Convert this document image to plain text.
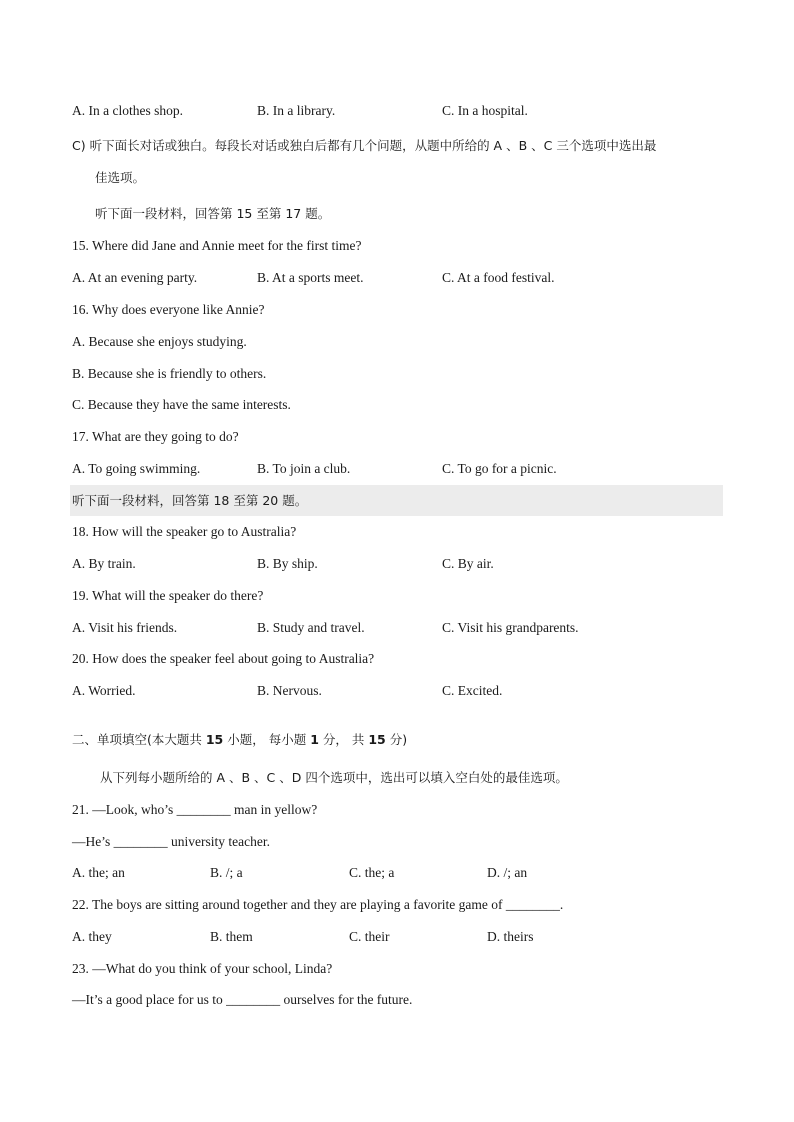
A. In a clothes shop.	B. In a library.	C. In a hospital.
C) 听下面长对话或独白。每段长对话或独白后都有几个问题，从题中所给的 A 、B 、C 三个选项中选出最
佳选项。
听下面一段材料，回答第 15 至第 17 题。
15. Where did Jane and Annie meet for the first time?
A. At an evening party.	B. At a sports meet.	C. At a food festival.
16. Why does everyone like Annie?
A. Because she enjoys studying.
B. Because she is friendly to others.
C. Because they have the same interests.
17. What are they going to do?
A. To going swimming.	B. To join a club.	C. To go for a picnic.
听下面一段材料，回答第 18 至第 20 题。
18. How will the speaker go to Australia?
A. By train.	B. By ship.	C. By air.
19. What will the speaker do there?
A. Visit his friends.	B. Study and travel.	C. Visit his grandparents.
20. How does the speaker feel about going to Australia?
A. Worried.	B. Nervous.	C. Excited.
二、单项填空(本大题共 15 小题， 每小题 1 分， 共 15 分)
从下列每小题所给的 A 、B 、C 、D 四个选项中，选出可以填入空白处的最佳选项。
21. —Look, who’s ________ man in yellow?
—He’s ________ university teacher.
A. the; an	B. /; a	C. the; a	D. /; an
22. The boys are sitting around together and they are playing a favorite game of ________.
A. they	B. them	C. their	D. theirs
23. —What do you think of your school, Linda?
—It’s a good place for us to ________ ourselves for the future.
